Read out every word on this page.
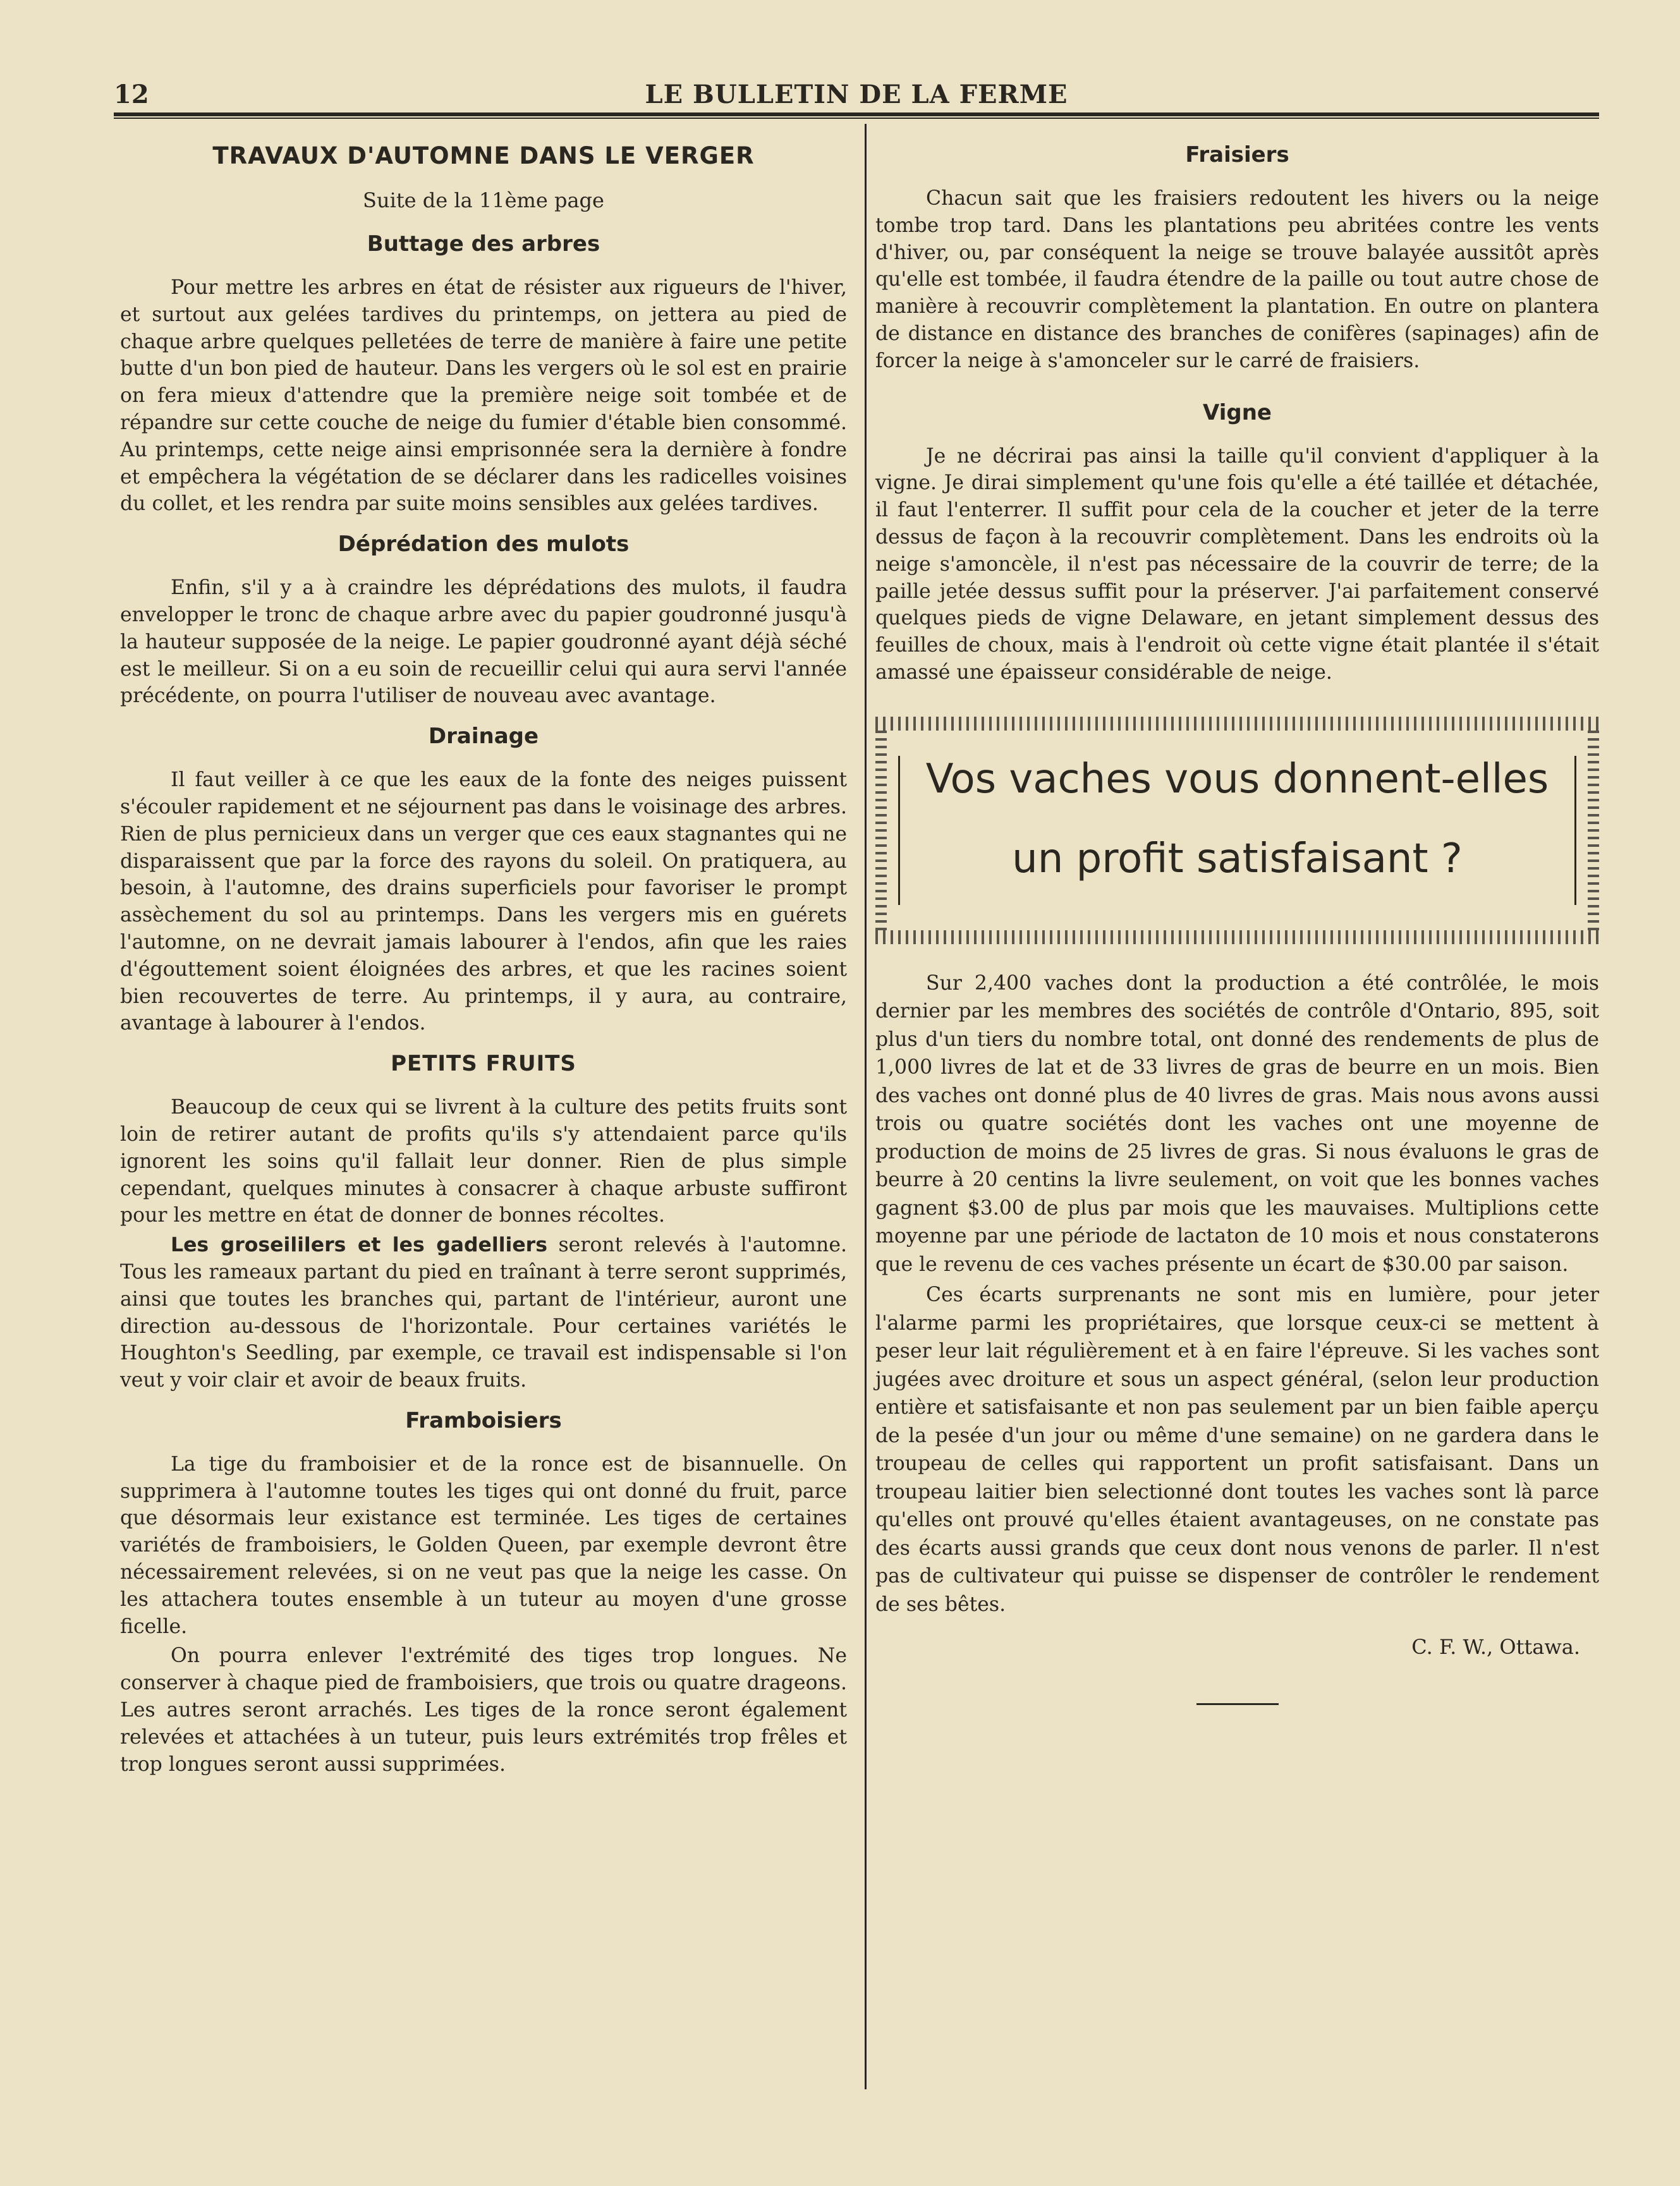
12	LE BULLETIN DE LA FERME
TRAVAUX D'AUTOMNE DANS LE VERGER
Suite de la 11ème page
Buttage des arbres

Pour mettre les arbres en état de résister aux rigueurs de l'hiver, et surtout aux gelées tardives du printemps, on jettera au pied de chaque arbre quelques pelletées de terre de manière à faire une petite butte d'un bon pied de hauteur. Dans les vergers où le sol est en prairie on fera mieux d'attendre que la première neige soit tombée et de répandre sur cette couche de neige du fumier d'étable bien consommé. Au printemps, cette neige ainsi emprisonnée sera la dernière à fondre et empêchera la végétation de se déclarer dans les radicelles voisines du collet, et les rendra par suite moins sensibles aux gelées tardives.

Déprédation des mulots

Enfin, s'il y a à craindre les déprédations des mulots, il faudra envelopper le tronc de chaque arbre avec du papier goudronné jusqu'à la hauteur supposée de la neige. Le papier goudronné ayant déjà séché est le meilleur. Si on a eu soin de recueillir celui qui aura servi l'année précédente, on pourra l'utiliser de nouveau avec avantage.

Drainage

Il faut veiller à ce que les eaux de la fonte des neiges puissent s'écouler rapidement et ne séjournent pas dans le voisinage des arbres. Rien de plus pernicieux dans un verger que ces eaux stagnantes qui ne disparaissent que par la force des rayons du soleil. On pratiquera, au besoin, à l'automne, des drains superficiels pour favoriser le prompt assèchement du sol au printemps. Dans les vergers mis en guérets l'automne, on ne devrait jamais labourer à l'endos, afin que les raies d'égouttement soient éloignées des arbres, et que les racines soient bien recouvertes de terre. Au printemps, il y aura, au contraire, avantage à labourer à l'endos.

PETITS FRUITS

Beaucoup de ceux qui se livrent à la culture des petits fruits sont loin de retirer autant de profits qu'ils s'y attendaient parce qu'ils ignorent les soins qu'il fallait leur donner. Rien de plus simple cependant, quelques minutes à consacrer à chaque arbuste suffiront pour les mettre en état de donner de bonnes récoltes.

Les groseililers et les gadelliers seront relevés à l'automne. Tous les rameaux partant du pied en traînant à terre seront supprimés, ainsi que toutes les branches qui, partant de l'intérieur, auront une direction au-dessous de l'horizontale. Pour certaines variétés le Houghton's Seedling, par exemple, ce travail est indispensable si l'on veut y voir clair et avoir de beaux fruits.

Framboisiers

La tige du framboisier et de la ronce est de bisannuelle. On supprimera à l'automne toutes les tiges qui ont donné du fruit, parce que désormais leur existance est terminée. Les tiges de certaines variétés de framboisiers, le Golden Queen, par exemple devront être nécessairement relevées, si on ne veut pas que la neige les casse. On les attachera toutes ensemble à un tuteur au moyen d'une grosse ficelle.

On pourra enlever l'extrémité des tiges trop longues. Ne conserver à chaque pied de framboisiers, que trois ou quatre drageons. Les autres seront arrachés. Les tiges de la ronce seront également relevées et attachées à un tuteur, puis leurs extrémités trop frêles et trop longues seront aussi supprimées.

Fraisiers

Chacun sait que les fraisiers redoutent les hivers ou la neige tombe trop tard. Dans les plantations peu abritées contre les vents d'hiver, ou, par conséquent la neige se trouve balayée aussitôt après qu'elle est tombée, il faudra étendre de la paille ou tout autre chose de manière à recouvrir complètement la plantation. En outre on plantera de distance en distance des branches de conifères (sapinages) afin de forcer la neige à s'amonceler sur le carré de fraisiers.

Vigne

Je ne décrirai pas ainsi la taille qu'il convient d'appliquer à la vigne. Je dirai simplement qu'une fois qu'elle a été taillée et détachée, il faut l'enterrer. Il suffit pour cela de la coucher et jeter de la terre dessus de façon à la recouvrir complètement. Dans les endroits où la neige s'amoncèle, il n'est pas nécessaire de la couvrir de terre; de la paille jetée dessus suffit pour la préserver. J'ai parfaitement conservé quelques pieds de vigne Delaware, en jetant simplement dessus des feuilles de choux, mais à l'endroit où cette vigne était plantée il s'était amassé une épaisseur considérable de neige.

Vos vaches vous donnent-elles
un profit satisfaisant ?

Sur 2,400 vaches dont la production a été contrôlée, le mois dernier par les membres des sociétés de contrôle d'Ontario, 895, soit plus d'un tiers du nombre total, ont donné des rendements de plus de 1,000 livres de lat et de 33 livres de gras de beurre en un mois. Bien des vaches ont donné plus de 40 livres de gras. Mais nous avons aussi trois ou quatre sociétés dont les vaches ont une moyenne de production de moins de 25 livres de gras. Si nous évaluons le gras de beurre à 20 centins la livre seulement, on voit que les bonnes vaches gagnent $3.00 de plus par mois que les mauvaises. Multiplions cette moyenne par une période de lactaton de 10 mois et nous constaterons que le revenu de ces vaches présente un écart de $30.00 par saison.

Ces écarts surprenants ne sont mis en lumière, pour jeter l'alarme parmi les propriétaires, que lorsque ceux-ci se mettent à peser leur lait régulièrement et à en faire l'épreuve. Si les vaches sont jugées avec droiture et sous un aspect général, (selon leur production entière et satisfaisante et non pas seulement par un bien faible aperçu de la pesée d'un jour ou même d'une semaine) on ne gardera dans le troupeau de celles qui rapportent un profit satisfaisant. Dans un troupeau laitier bien selectionné dont toutes les vaches sont là parce qu'elles ont prouvé qu'elles étaient avantageuses, on ne constate pas des écarts aussi grands que ceux dont nous venons de parler. Il n'est pas de cultivateur qui puisse se dispenser de contrôler le rendement de ses bêtes.

C. F. W., Ottawa.
